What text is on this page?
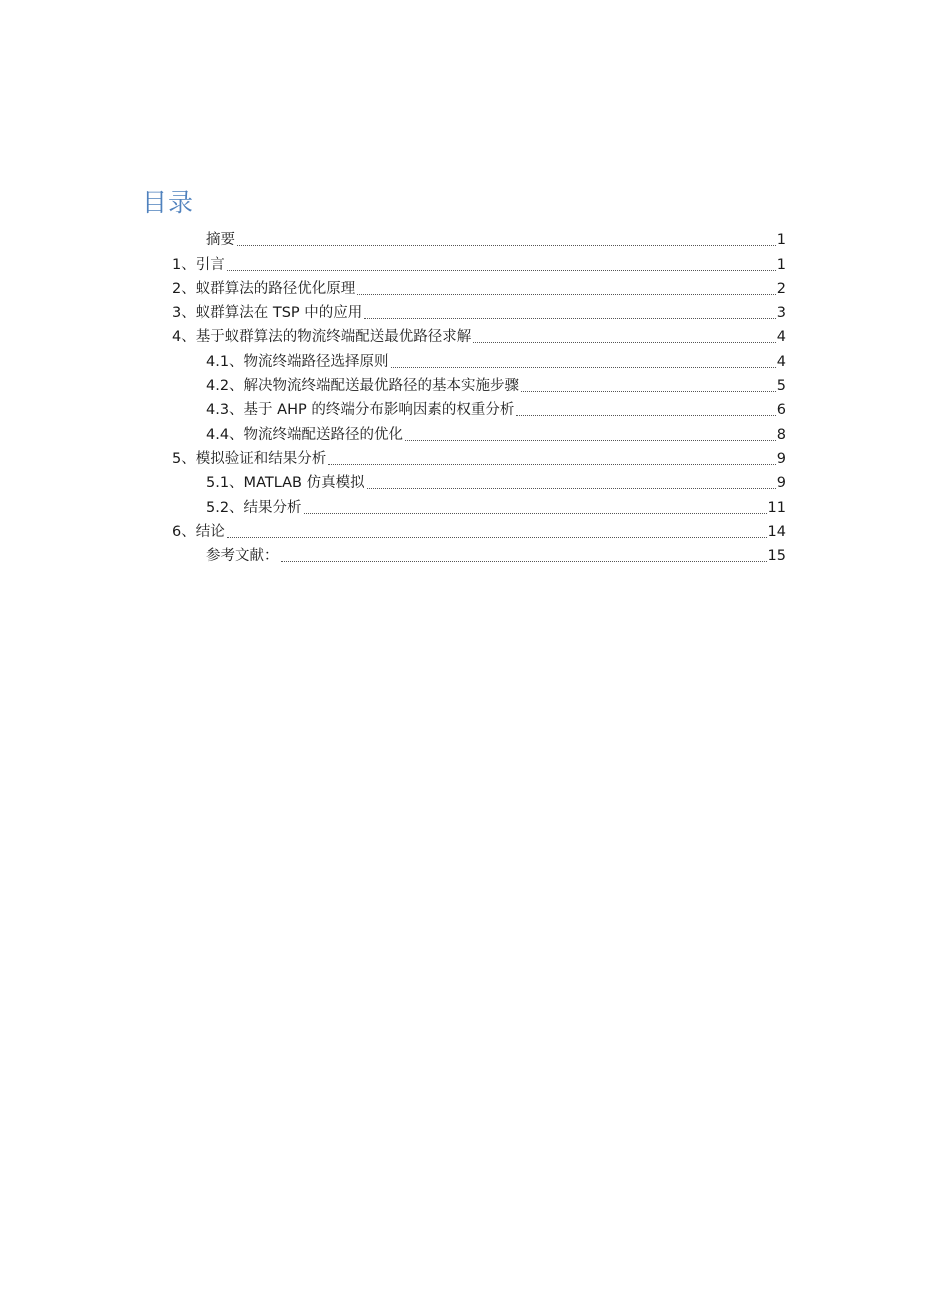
目录
摘要	1
1、引言	1
2、蚁群算法的路径优化原理	2
3、蚁群算法在 TSP 中的应用	3
4、基于蚁群算法的物流终端配送最优路径求解	4
4.1、物流终端路径选择原则	4
4.2、解决物流终端配送最优路径的基本实施步骤	5
4.3、基于 AHP 的终端分布影响因素的权重分析	6
4.4、物流终端配送路径的优化	8
5、模拟验证和结果分析	9
5.1、MATLAB 仿真模拟	9
5.2、结果分析	11
6、结论	14
参考文献：	15
